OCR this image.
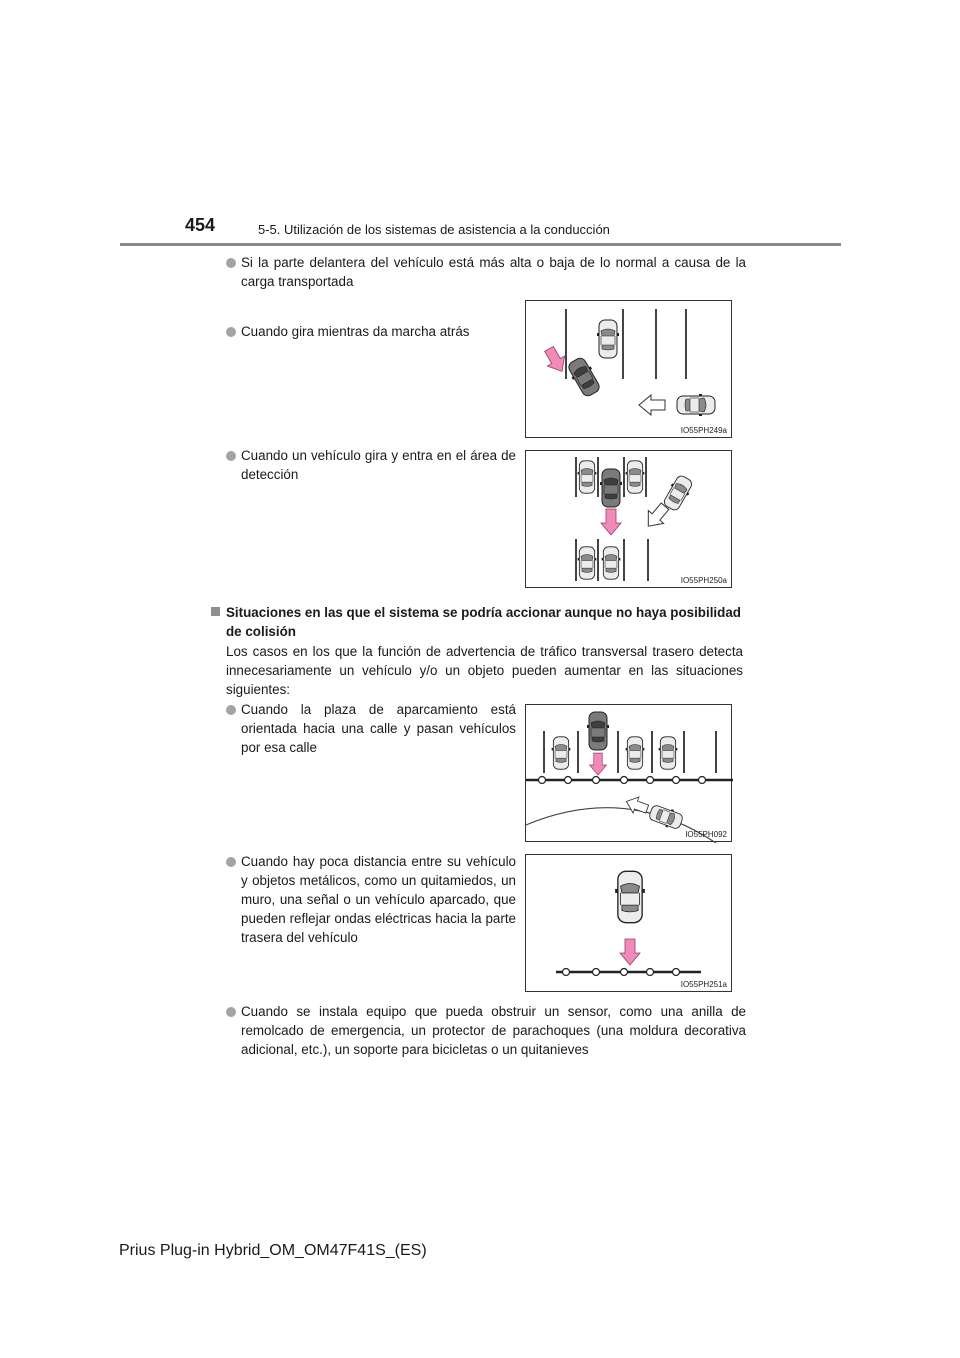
454	5-5. Utilización de los sistemas de asistencia a la conducción
Si la parte delantera del vehículo está más alta o baja de lo normal a causa de la carga transportada
Cuando gira mientras da marcha atrás
IO55PH249a
Cuando un vehículo gira y entra en el área de detección
IO55PH250a
Situaciones en las que el sistema se podría accionar aunque no haya posibilidad de colisión
Los casos en los que la función de advertencia de tráfico transversal trasero detecta innecesariamente un vehículo y/o un objeto pueden aumentar en las situaciones siguientes:
Cuando la plaza de aparcamiento está orientada hacia una calle y pasan vehículos por esa calle
IO55PH092
Cuando hay poca distancia entre su vehículo y objetos metálicos, como un quitamiedos, un muro, una señal o un vehículo aparcado, que pueden reflejar ondas eléctricas hacia la parte trasera del vehículo
IO55PH251a
Cuando se instala equipo que pueda obstruir un sensor, como una anilla de remolcado de emergencia, un protector de parachoques (una moldura decorativa adicional, etc.), un soporte para bicicletas o un quitanieves
Prius Plug-in Hybrid_OM_OM47F41S_(ES)
